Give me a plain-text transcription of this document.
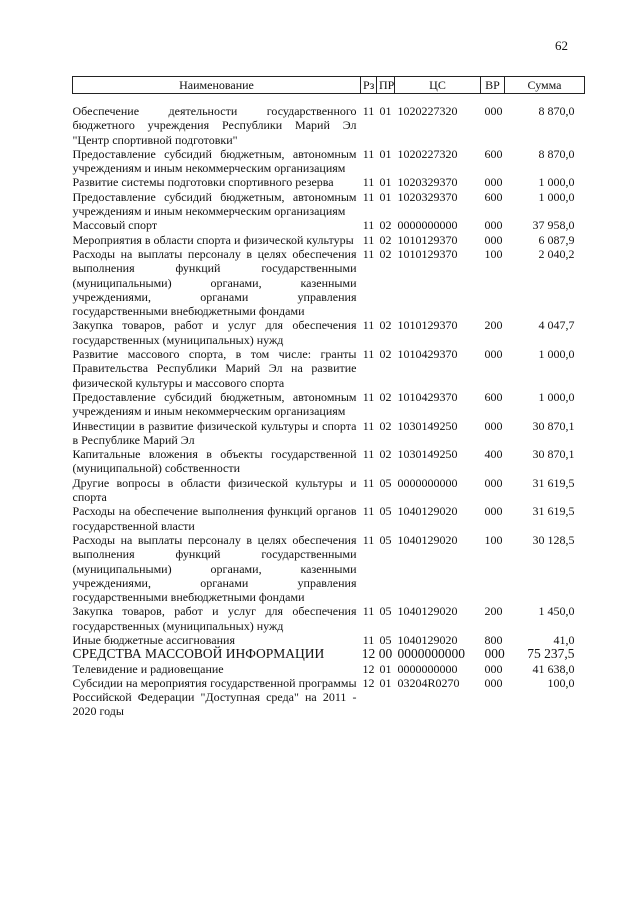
62
Наименование	Рз	ПР	ЦС	ВР	Сумма
Обеспечение деятельности государственного бюджетного учреждения Республики Марий Эл "Центр спортивной подготовки"	11	01	1020227320	000	8 870,0
Предоставление субсидий бюджетным, автономным учреждениям и иным некоммерческим организациям	11	01	1020227320	600	8 870,0
Развитие системы подготовки спортивного резерва	11	01	1020329370	000	1 000,0
Предоставление субсидий бюджетным, автономным учреждениям и иным некоммерческим организациям	11	01	1020329370	600	1 000,0
Массовый спорт	11	02	0000000000	000	37 958,0
Мероприятия в области спорта и физической культуры	11	02	1010129370	000	6 087,9
Расходы на выплаты персоналу в целях обеспечения выполнения функций государственными (муниципальными) органами, казенными учреждениями, органами управления государственными внебюджетными фондами	11	02	1010129370	100	2 040,2
Закупка товаров, работ и услуг для обеспечения государственных (муниципальных) нужд	11	02	1010129370	200	4 047,7
Развитие массового спорта, в том числе: гранты Правительства Республики Марий Эл на развитие физической культуры и массового спорта	11	02	1010429370	000	1 000,0
Предоставление субсидий бюджетным, автономным учреждениям и иным некоммерческим организациям	11	02	1010429370	600	1 000,0
Инвестиции в развитие физической культуры и спорта в Республике Марий Эл	11	02	1030149250	000	30 870,1
Капитальные вложения в объекты государственной (муниципальной) собственности	11	02	1030149250	400	30 870,1
Другие вопросы в области физической культуры и спорта	11	05	0000000000	000	31 619,5
Расходы на обеспечение выполнения функций органов государственной власти	11	05	1040129020	000	31 619,5
Расходы на выплаты персоналу в целях обеспечения выполнения функций государственными (муниципальными) органами, казенными учреждениями, органами управления государственными внебюджетными фондами	11	05	1040129020	100	30 128,5
Закупка товаров, работ и услуг для обеспечения государственных (муниципальных) нужд	11	05	1040129020	200	1 450,0
Иные бюджетные ассигнования	11	05	1040129020	800	41,0
СРЕДСТВА МАССОВОЙ ИНФОРМАЦИИ	12	00	0000000000	000	75 237,5
Телевидение и радиовещание	12	01	0000000000	000	41 638,0
Субсидии на мероприятия государственной программы Российской Федерации "Доступная среда" на 2011 - 2020 годы	12	01	03204R0270	000	100,0
